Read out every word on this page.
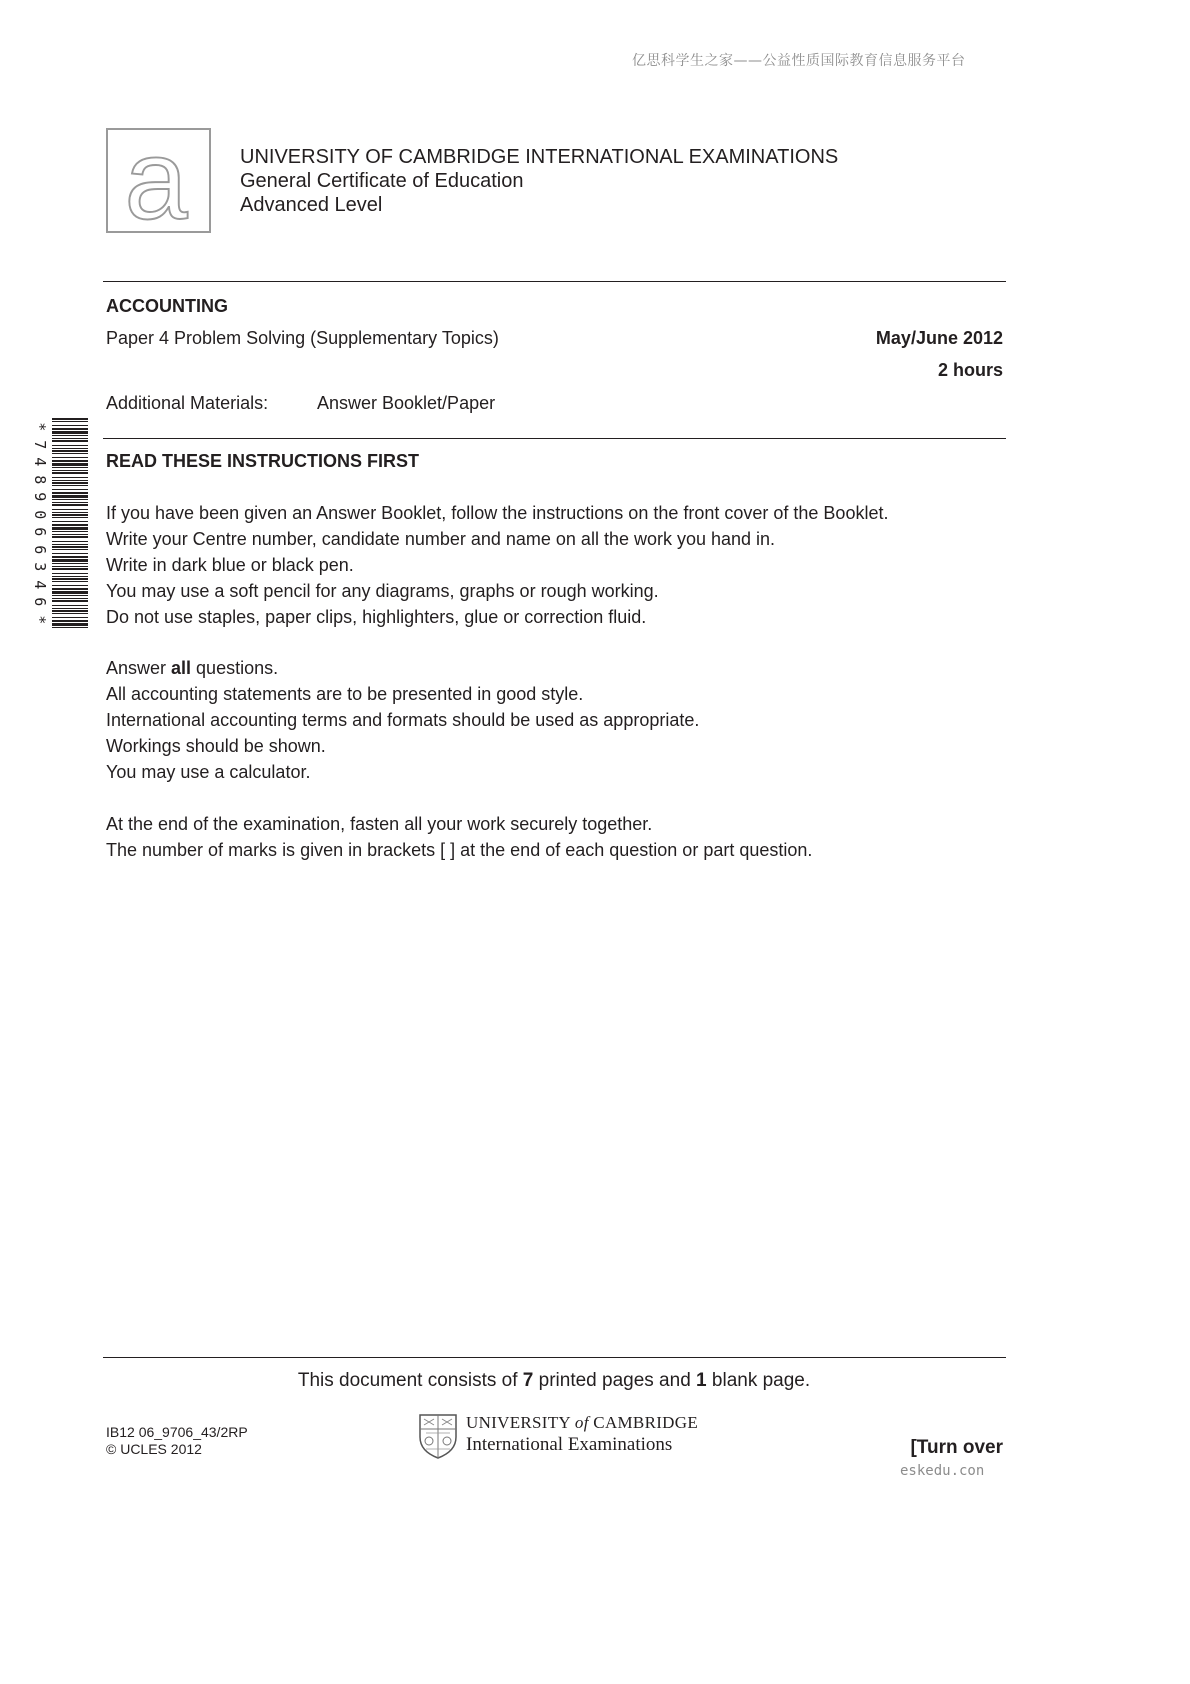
亿思科学生之家——公益性质国际教育信息服务平台
a	UNIVERSITY OF CAMBRIDGE INTERNATIONAL EXAMINATIONS
General Certificate of Education
Advanced Level
ACCOUNTING
Paper 4 Problem Solving (Supplementary Topics)	May/June 2012
2 hours
Additional Materials:	Answer Booklet/Paper
*
7
4
8
9
0
6
6
3
4
6
*
READ THESE INSTRUCTIONS FIRST
If you have been given an Answer Booklet, follow the instructions on the front cover of the Booklet.
Write your Centre number, candidate number and name on all the work you hand in.
Write in dark blue or black pen.
You may use a soft pencil for any diagrams, graphs or rough working.
Do not use staples, paper clips, highlighters, glue or correction fluid.
Answer all questions.
All accounting statements are to be presented in good style.
International accounting terms and formats should be used as appropriate.
Workings should be shown.
You may use a calculator.
At the end of the examination, fasten all your work securely together.
The number of marks is given in brackets [ ] at the end of each question or part question.
This document consists of 7 printed pages and 1 blank page.
IB12 06_9706_43/2RP
© UCLES 2012
UNIVERSITY of CAMBRIDGE
International Examinations	[Turn over
eskedu.con
